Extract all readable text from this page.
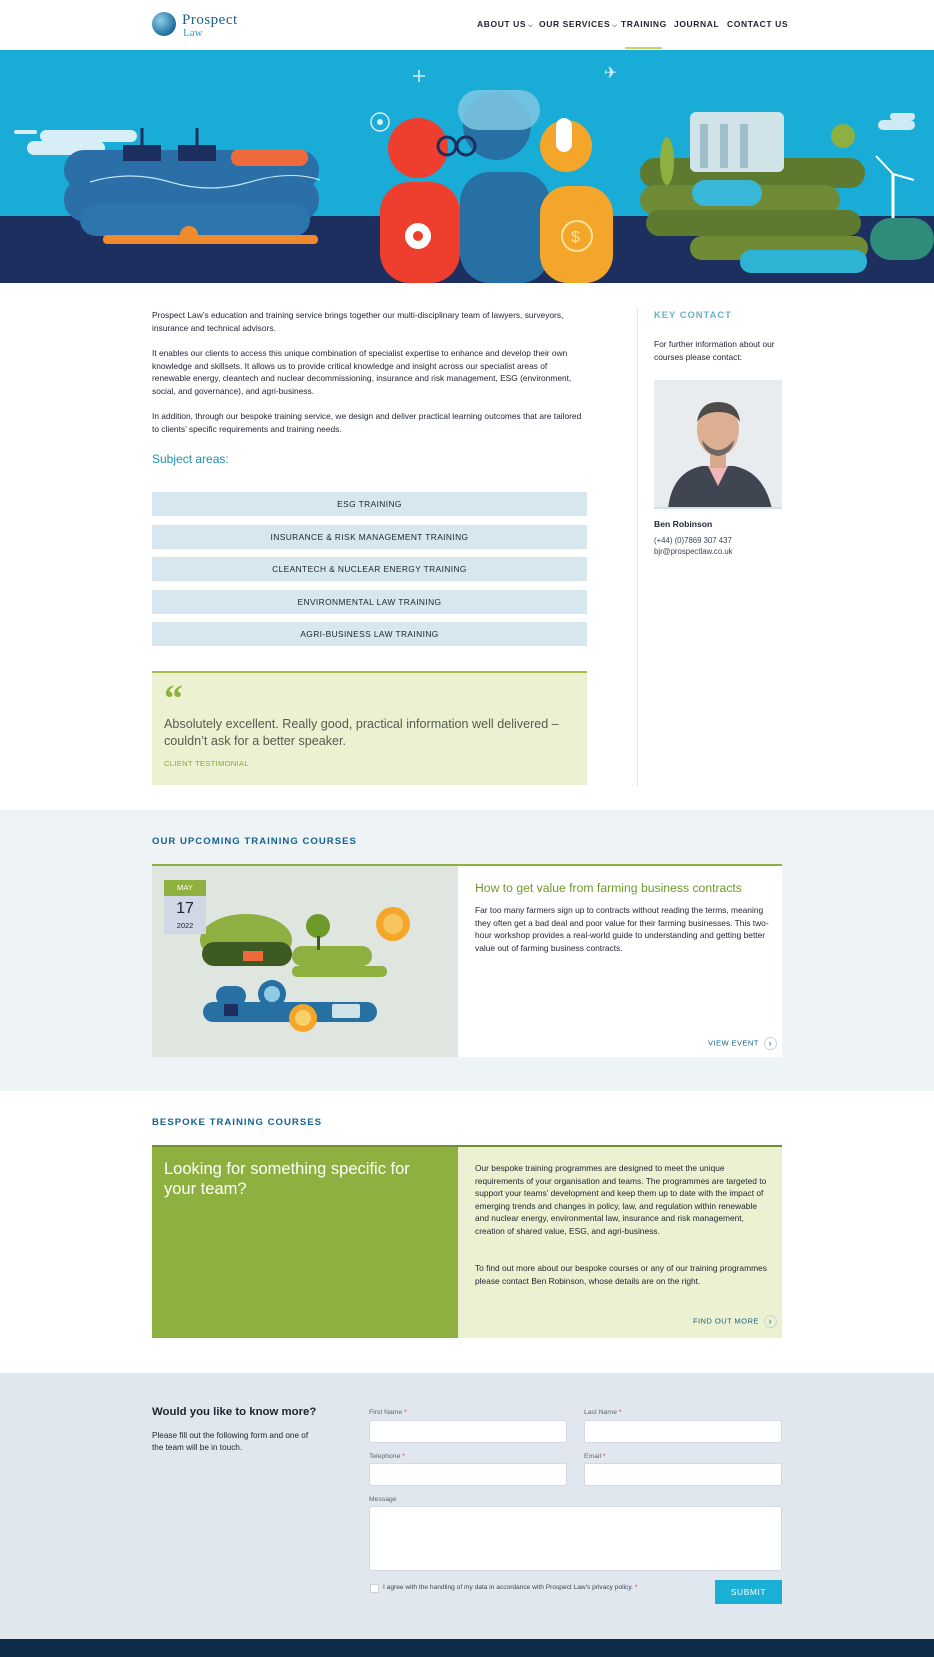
Prospect
Law
ABOUT US ⌵ OUR SERVICES ⌵ TRAINING JOURNAL CONTACT US
✈
$

Prospect Law’s education and training service brings together our multi-disciplinary team of lawyers, surveyors, insurance and technical advisors.

It enables our clients to access this unique combination of specialist expertise to enhance and develop their own knowledge and skillsets. It allows us to provide critical knowledge and insight across our specialist areas of renewable energy, cleantech and nuclear decommissioning, insurance and risk management, ESG (environment, social, and governance), and agri-business.

In addition, through our bespoke training service, we design and deliver practical learning outcomes that are tailored to clients’ specific requirements and training needs.

Subject areas:
ESG TRAINING
INSURANCE & RISK MANAGEMENT TRAINING
CLEANTECH & NUCLEAR ENERGY TRAINING
ENVIRONMENTAL LAW TRAINING
AGRI-BUSINESS LAW TRAINING
“
Absolutely excellent. Really good, practical information well delivered – couldn’t ask for a better speaker.
CLIENT TESTIMONIAL
KEY CONTACT
For further information about our courses please contact:
Ben Robinson
(+44) (0)7869 307 437
bjr@prospectlaw.co.uk
OUR UPCOMING TRAINING COURSES
MAY
17
2022
How to get value from farming business contracts
Far too many farmers sign up to contracts without reading the terms, meaning they often get a bad deal and poor value for their farming businesses. This two-hour workshop provides a real-world guide to understanding and getting better value out of farming business contracts.
VIEW EVENT ›
BESPOKE TRAINING COURSES
Looking for something specific for your team?

Our bespoke training programmes are designed to meet the unique requirements of your organisation and teams. The programmes are targeted to support your teams’ development and keep them up to date with the impact of emerging trends and changes in policy, law, and regulation within renewable and nuclear energy, environmental law, insurance and risk management, creation of shared value, ESG, and agri-business.

To find out more about our bespoke courses or any of our training programmes please contact Ben Robinson, whose details are on the right.

FIND OUT MORE ›
Would you like to know more?
Please fill out the following form and one of the team will be in touch.
First Name *	Last Name *
Telephone *	Email *
Message
I agree with the handling of my data in accordance with Prospect Law's privacy policy. *	SUBMIT
